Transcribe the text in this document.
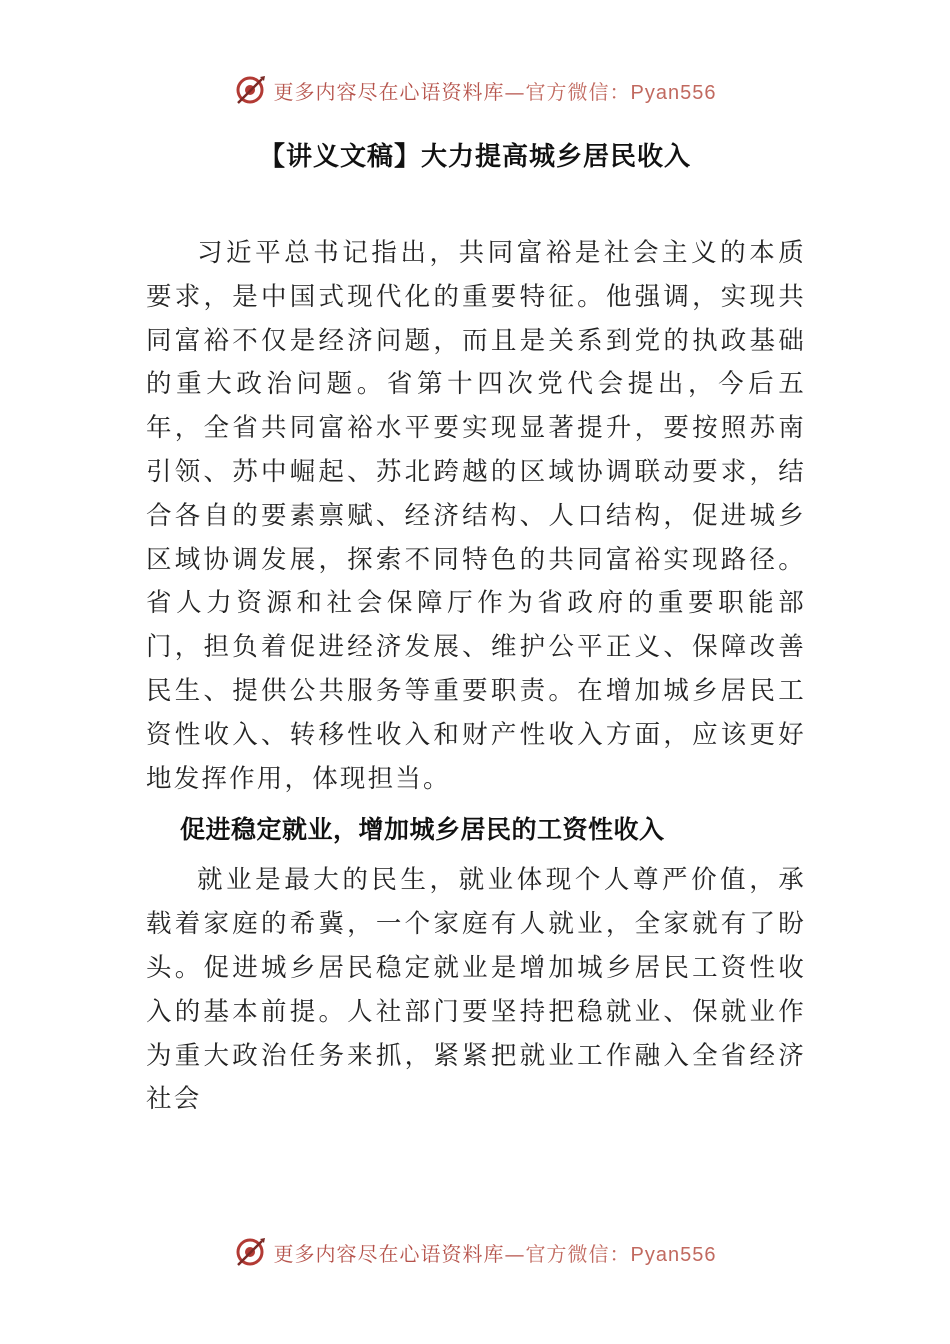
更多内容尽在心语资料库—官方微信：Pyan556
【讲义文稿】大力提高城乡居民收入

习近平总书记指出，共同富裕是社会主义的本质要求，是中国式现代化的重要特征。他强调，实现共同富裕不仅是经济问题，而且是关系到党的执政基础的重大政治问题。省第十四次党代会提出，今后五年，全省共同富裕水平要实现显著提升，要按照苏南引领、苏中崛起、苏北跨越的区域协调联动要求，结合各自的要素禀赋、经济结构、人口结构，促进城乡区域协调发展，探索不同特色的共同富裕实现路径。省人力资源和社会保障厅作为省政府的重要职能部门，担负着促进经济发展、维护公平正义、保障改善民生、提供公共服务等重要职责。在增加城乡居民工资性收入、转移性收入和财产性收入方面，应该更好地发挥作用，体现担当。

促进稳定就业，增加城乡居民的工资性收入

就业是最大的民生，就业体现个人尊严价值，承载着家庭的希冀，一个家庭有人就业，全家就有了盼头。促进城乡居民稳定就业是增加城乡居民工资性收入的基本前提。人社部门要坚持把稳就业、保就业作为重大政治任务来抓，紧紧把就业工作融入全省经济社会

更多内容尽在心语资料库—官方微信：Pyan556
